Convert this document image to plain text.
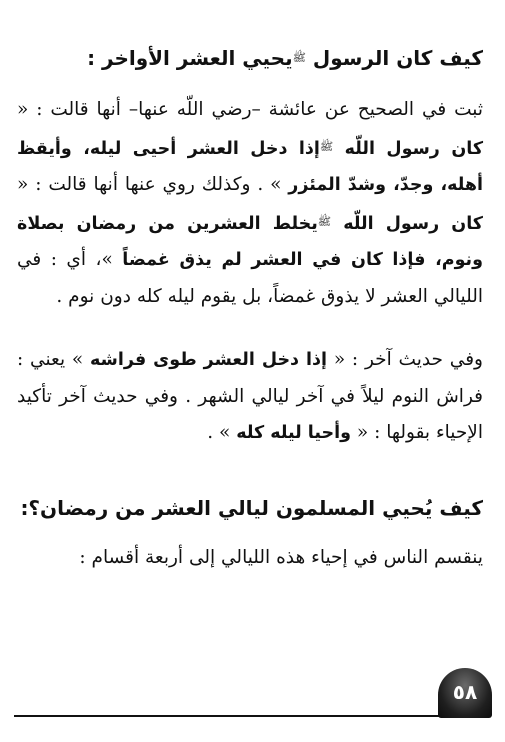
كيف كان الرسول $^ﷺ$يحيي العشر الأواخر :

ثبت في الصحيح عن عائشة –رضي اللّه عنها– أنها قالت : « كان رسول اللّه $^ﷺ$إذا دخل العشر أحيى ليله، وأيقظ أهله، وجدّ، وشدّ المئزر » . وكذلك روي عنها أنها قالت : « كان رسول اللّه $^ﷺ$يخلط العشرين من رمضان بصلاة ونوم، فإذا كان في العشر لم يذق غمضاً »، أي : في الليالي العشر لا يذوق غمضاً، بل يقوم ليله كله دون نوم .

وفي حديث آخر : « إذا دخل العشر طوى فراشه » يعني : فراش النوم ليلاً في آخر ليالي الشهر . وفي حديث آخر تأكيد الإحياء بقولها : « وأحيا ليله كله » .

كيف يُحيي المسلمون ليالي العشر من رمضان؟:

ينقسم الناس في إحياء هذه الليالي إلى أربعة أقسام :

٥٨
